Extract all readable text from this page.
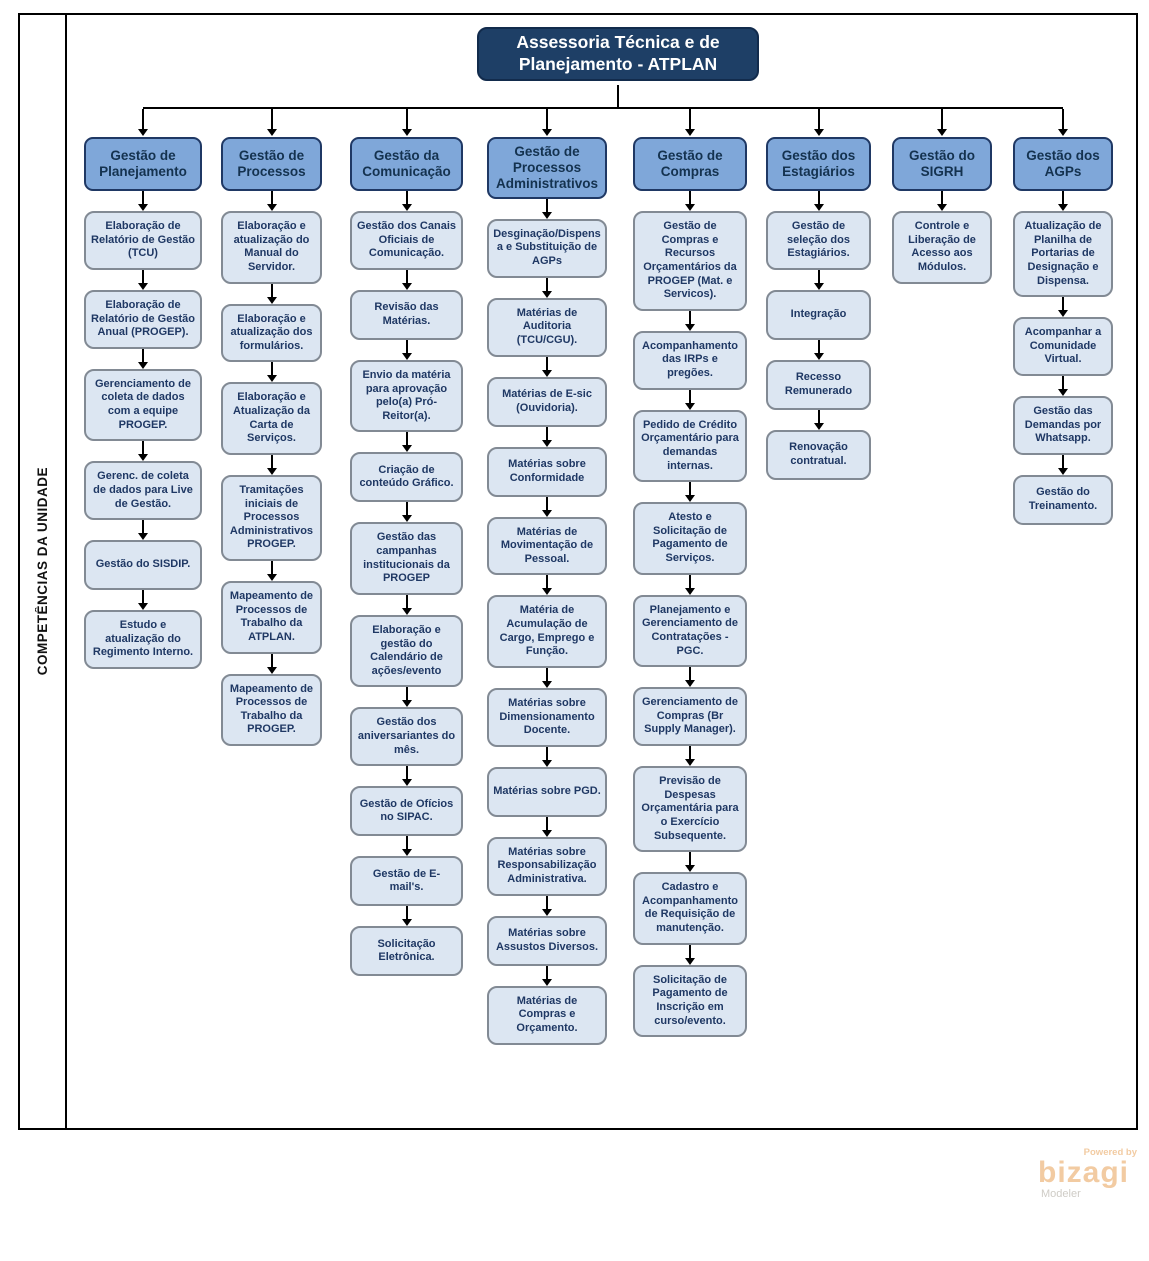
COMPETÊNCIAS DA UNIDADE
Assessoria Técnica e de Planejamento - ATPLAN
Gestão de Planejamento
Elaboração de Relatório de Gestão (TCU)
Elaboração de Relatório de Gestão Anual (PROGEP).
Gerenciamento de coleta de dados com a equipe PROGEP.
Gerenc. de coleta de dados para Live de Gestão.
Gestão do SISDIP.
Estudo e atualização do Regimento Interno.
Gestão de Processos
Elaboração e atualização do Manual do Servidor.
Elaboração e atualização dos formulários.
Elaboração e Atualização da Carta de Serviços.
Tramitações iniciais de Processos Administrativos PROGEP.
Mapeamento de Processos de Trabalho da ATPLAN.
Mapeamento de Processos de Trabalho da PROGEP.
Gestão da Comunicação
Gestão dos Canais Oficiais de Comunicação.
Revisão das Matérias.
Envio da matéria para aprovação pelo(a) Pró-Reitor(a).
Criação de conteúdo Gráfico.
Gestão das campanhas institucionais da PROGEP
Elaboração e gestão do Calendário de ações/evento
Gestão dos aniversariantes do mês.
Gestão de Ofícios no SIPAC.
Gestão de E-mail's.
Solicitação Eletrônica.
Gestão de Processos Administrativos
Desginação/Dispensa e Substituição de AGPs
Matérias de Auditoria (TCU/CGU).
Matérias de E-sic (Ouvidoria).
Matérias sobre Conformidade
Matérias de Movimentação de Pessoal.
Matéria de Acumulação de Cargo, Emprego e Função.
Matérias sobre Dimensionamento Docente.
Matérias sobre PGD.
Matérias sobre Responsabilização Administrativa.
Matérias sobre Assustos Diversos.
Matérias de Compras e Orçamento.
Gestão de Compras
Gestão de Compras e Recursos Orçamentários da PROGEP (Mat. e Servicos).
Acompanhamento das IRPs e pregões.
Pedido de Crédito Orçamentário para demandas internas.
Atesto e Solicitação de Pagamento de Serviços.
Planejamento e Gerenciamento de Contratações - PGC.
Gerenciamento de Compras (Br Supply Manager).
Previsão de Despesas Orçamentária para o Exercício Subsequente.
Cadastro e Acompanhamento de Requisição de manutenção.
Solicitação de Pagamento de Inscrição em curso/evento.
Gestão dos Estagiários
Gestão de seleção dos Estagiários.
Integração
Recesso Remunerado
Renovação contratual.
Gestão do SIGRH
Controle e Liberação de Acesso aos Módulos.
Gestão dos AGPs
Atualização de Planilha de Portarias de Designação e Dispensa.
Acompanhar a Comunidade Virtual.
Gestão das Demandas por Whatsapp.
Gestão do Treinamento.
Powered by
bizagi
Modeler
